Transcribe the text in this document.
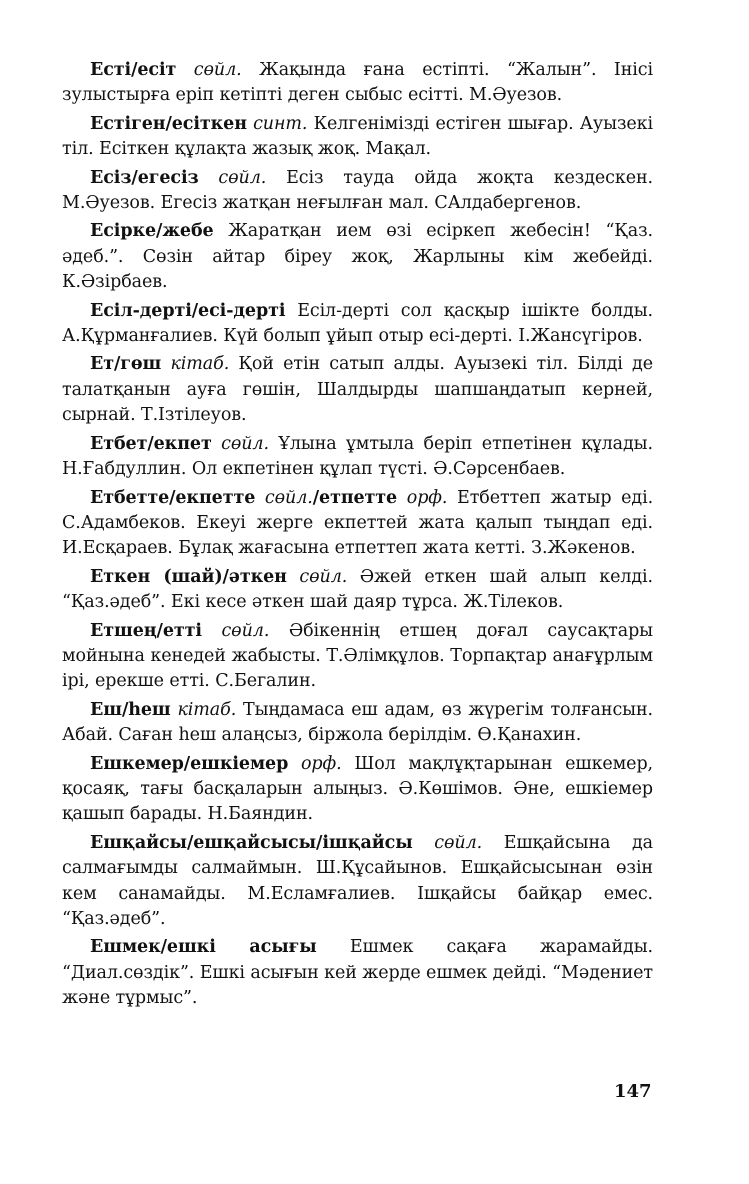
Есті/есіт сөйл. Жақында ғана естіпті. “Жалын”. Інісі зулыстырға еріп кетіпті деген сыбыс есітті. М.Әуезов.

Естіген/есіткен синт. Келгенімізді естіген шығар. Ауызекі тіл. Есіткен құлақта жазық жоқ. Мақал.

Есіз/егесіз сөйл. Есіз тауда ойда жоқта кездескен. М.Әуезов. Егесіз жатқан неғылған мал. САлдабергенов.

Есірке/жебе Жаратқан ием өзі есіркеп жебесін! “Қаз. әдеб.”. Сөзін айтар біреу жоқ, Жарлыны кім жебейді. К.Әзірбаев.

Есіл-дерті/есі-дерті Есіл-дерті сол қасқыр ішікте болды. А.Құрманғалиев. Күй болып ұйып отыр есі-дерті. І.Жансүгіров.

Ет/гөш кітаб. Қой етін сатып алды. Ауызекі тіл. Білді де талатқанын ауға гөшін, Шалдырды шапшаңдатып керней, сырнай. Т.Ізтілеуов.

Етбет/екпет сөйл. Ұлына ұмтыла беріп етпетінен құлады. Н.Ғабдуллин. Ол екпетінен құлап түсті. Ә.Сәрсенбаев.

Етбетте/екпетте сөйл./етпетте орф. Етбеттеп жатыр еді. С.Адамбеков. Екеуі жерге екпеттей жата қалып тыңдап еді. И.Есқараев. Бұлақ жағасына етпеттеп жата кетті. З.Жәкенов.

Еткен (шай)/әткен сөйл. Әжей еткен шай алып келді. “Қаз.әдеб”. Екі кесе әткен шай даяр тұрса. Ж.Тілеков.

Етшең/етті сөйл. Әбікеннің етшең доғал саусақтары мойнына кенедей жабысты. Т.Әлімқұлов. Торпақтар анағұрлым ірі, ерекше етті. С.Бегалин.

Еш/һеш кітаб. Тыңдамаса еш адам, өз жүрегім толғансын. Абай. Саған һеш алаңсыз, біржола берілдім. Ө.Қанахин.

Ешкемер/ешкіемер орф. Шол мақлұқтарынан ешкемер, қосаяқ, тағы басқаларын алыңыз. Ә.Көшімов. Әне, ешкіемер қашып барады. Н.Баяндин.

Ешқайсы/ешқайсысы/ішқайсы сөйл. Ешқайсына да салмағымды салмаймын. Ш.Құсайынов. Ешқайсысынан өзін кем санамайды. М.Есламғалиев. Ішқайсы байқар емес. “Қаз.әдеб”.

Ешмек/ешкі асығы Ешмек сақаға жарамайды. “Диал.сөздік”. Ешкі асығын кей жерде ешмек дейді. “Мәдениет және тұрмыс”.

147
